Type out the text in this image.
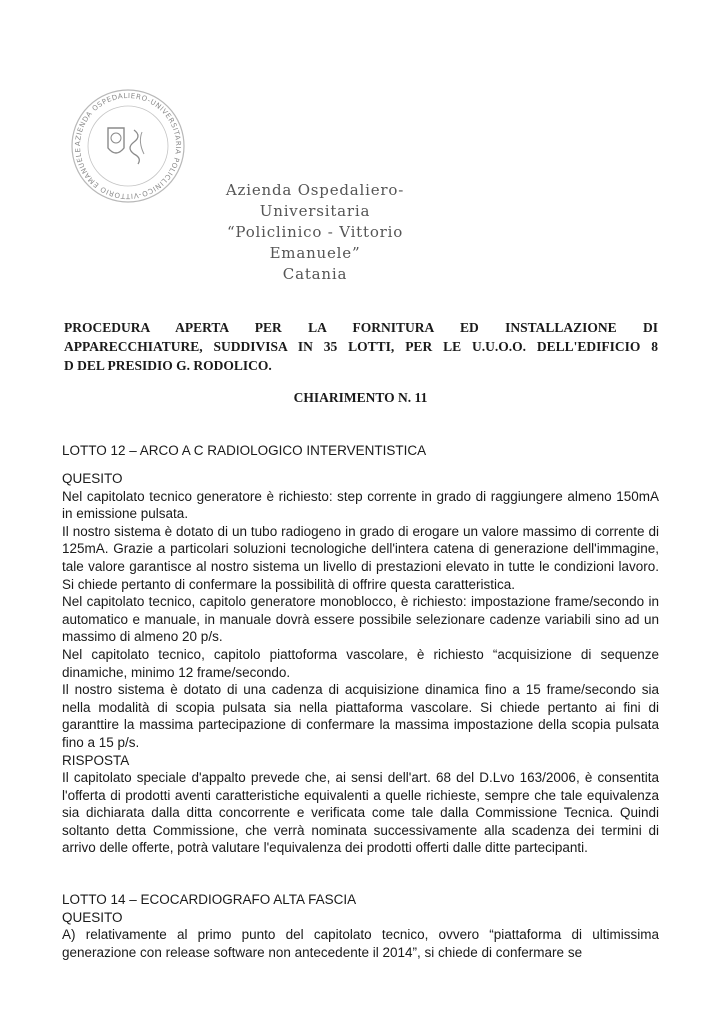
AZIENDA OSPEDALIERO-UNIVERSITARIA POLICLINICO-VITTORIO EMANUELE
Azienda Ospedaliero-Universitaria
“Policlinico - Vittorio Emanuele”
Catania
PROCEDURA APERTA PER LA FORNITURA ED INSTALLAZIONE DI
APPARECCHIATURE, SUDDIVISA IN 35 LOTTI, PER LE U.U.O.O. DELL'EDIFICIO 8
D DEL PRESIDIO G. RODOLICO.
CHIARIMENTO N. 11

LOTTO 12 – ARCO A C RADIOLOGICO INTERVENTISTICA

QUESITO

Nel capitolato tecnico generatore è richiesto: step corrente in grado di raggiungere almeno 150mA in emissione pulsata.

Il nostro sistema è dotato di un tubo radiogeno in grado di erogare un valore massimo di corrente di 125mA. Grazie a particolari soluzioni tecnologiche dell'intera catena di generazione dell'immagine, tale valore garantisce al nostro sistema un livello di prestazioni elevato in tutte le condizioni lavoro. Si chiede pertanto di confermare la possibilità di offrire questa caratteristica.

Nel capitolato tecnico, capitolo generatore monoblocco, è richiesto: impostazione frame/secondo in automatico e manuale, in manuale dovrà essere possibile selezionare cadenze variabili sino ad un massimo di almeno 20 p/s.

Nel capitolato tecnico, capitolo piattoforma vascolare, è richiesto “acquisizione di sequenze dinamiche, minimo 12 frame/secondo.

Il nostro sistema è dotato di una cadenza di acquisizione dinamica fino a 15 frame/secondo sia nella modalità di scopia pulsata sia nella piattaforma vascolare. Si chiede pertanto ai fini di garanttire la massima partecipazione di confermare la massima impostazione della scopia pulsata fino a 15 p/s.

RISPOSTA

Il capitolato speciale d'appalto prevede che, ai sensi dell'art. 68 del D.Lvo 163/2006, è consentita l'offerta di prodotti aventi caratteristiche equivalenti a quelle richieste, sempre che tale equivalenza sia dichiarata dalla ditta concorrente e verificata come tale dalla Commissione Tecnica. Quindi soltanto detta Commissione, che verrà nominata successivamente alla scadenza dei termini di arrivo delle offerte, potrà valutare l'equivalenza dei prodotti offerti dalle ditte partecipanti.

LOTTO 14 – ECOCARDIOGRAFO ALTA FASCIA

QUESITO

A) relativamente al primo punto del capitolato tecnico, ovvero “piattaforma di ultimissima generazione con release software non antecedente il 2014”, si chiede di confermare se
